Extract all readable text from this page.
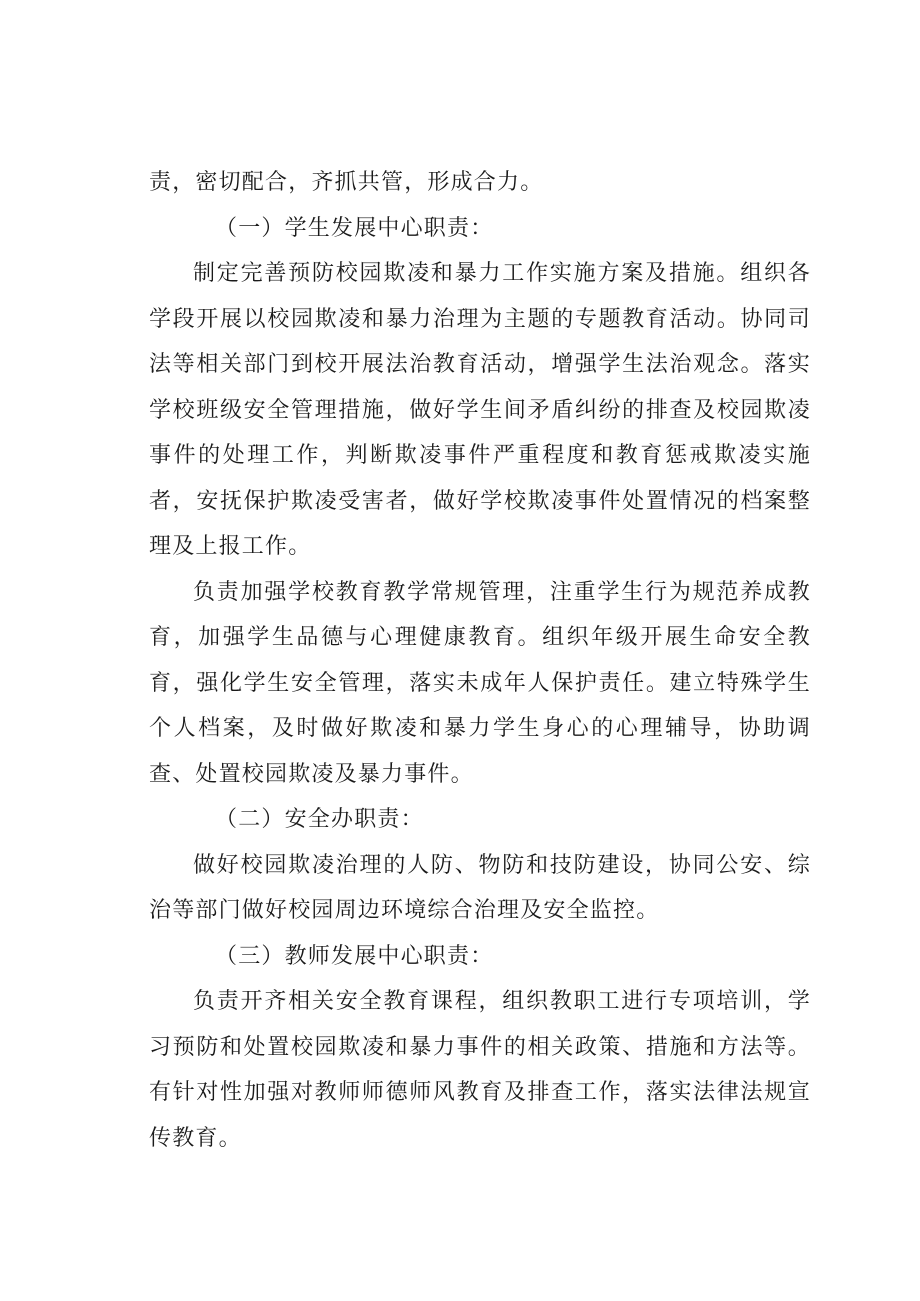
责，密切配合，齐抓共管，形成合力。

（一）学生发展中心职责：

制定完善预防校园欺凌和暴力工作实施方案及措施。组织各学段开展以校园欺凌和暴力治理为主题的专题教育活动。协同司法等相关部门到校开展法治教育活动，增强学生法治观念。落实学校班级安全管理措施，做好学生间矛盾纠纷的排查及校园欺凌事件的处理工作，判断欺凌事件严重程度和教育惩戒欺凌实施者，安抚保护欺凌受害者，做好学校欺凌事件处置情况的档案整理及上报工作。

负责加强学校教育教学常规管理，注重学生行为规范养成教育，加强学生品德与心理健康教育。组织年级开展生命安全教育，强化学生安全管理，落实未成年人保护责任。建立特殊学生个人档案，及时做好欺凌和暴力学生身心的心理辅导，协助调查、处置校园欺凌及暴力事件。

（二）安全办职责：

做好校园欺凌治理的人防、物防和技防建设，协同公安、综治等部门做好校园周边环境综合治理及安全监控。

（三）教师发展中心职责：

负责开齐相关安全教育课程，组织教职工进行专项培训，学习预防和处置校园欺凌和暴力事件的相关政策、措施和方法等。有针对性加强对教师师德师风教育及排查工作，落实法律法规宣传教育。
